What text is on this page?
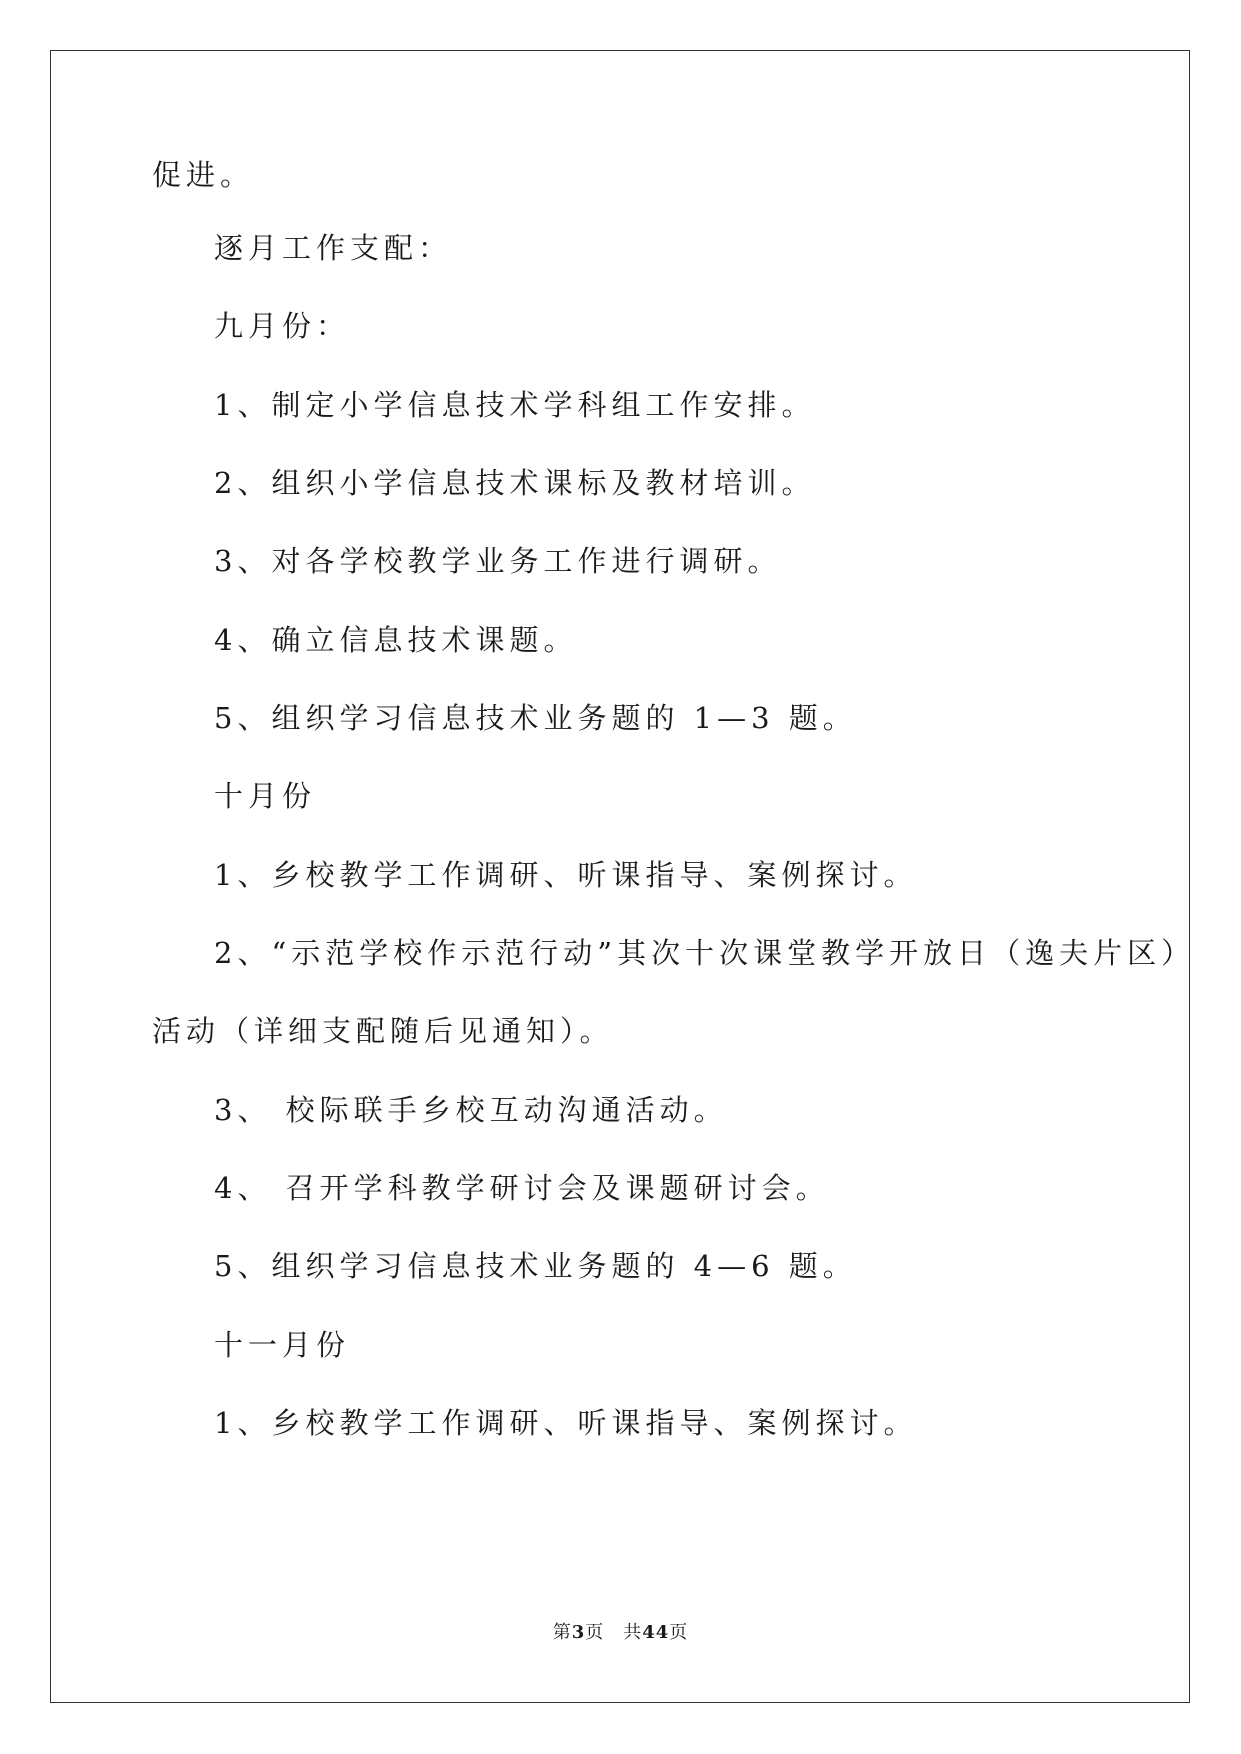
促进。
逐月工作支配：
九月份：
1、制定小学信息技术学科组工作安排。
2、组织小学信息技术课标及教材培训。
3、对各学校教学业务工作进行调研。
4、确立信息技术课题。
5、组织学习信息技术业务题的 1—3 题。
十月份
1、乡校教学工作调研、听课指导、案例探讨。
2、“示范学校作示范行动”其次十次课堂教学开放日（逸夫片区）
活动（详细支配随后见通知）。
3、 校际联手乡校互动沟通活动。
4、 召开学科教学研讨会及课题研讨会。
5、组织学习信息技术业务题的 4—6 题。
十一月份
1、乡校教学工作调研、听课指导、案例探讨。
第3页　共44页
